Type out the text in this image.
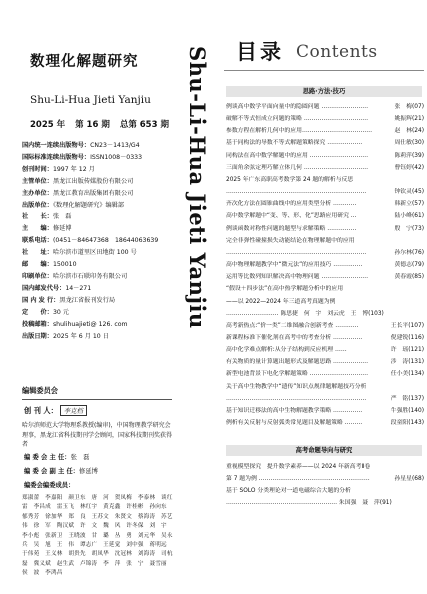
数理化解题研究
Shu-Li-Hua Jieti Yanjiu
2025 年 第 16 期 总第 653 期
国内统一连续出版物号：CN23－1413/G4
国际标准连续出版物号：ISSN1008－0333
创刊时间：1997 年 12 月
主管单位：黑龙江出版传媒股份有限公司
主办单位：黑龙江教育出版集团有限公司
出版单位：《数理化解题研究》编辑部
社　　长：张　磊
主　　编：修延博
联系电话：(0451－84647368　18644063639
社　　址：哈尔滨市道里区田地街 100 号
邮　　编：150010
印刷单位：哈尔滨市石联印务有限公司
国内邮发代号：14－271
国 内 发 行：黑龙江省报刊发行局
定　　价：30 元
投稿邮箱：shulihuajieti@ 126. com
出版日期：2025 年 6 月 10 日
编辑委员会
创 刊 人： 李克档
哈尔滨师范大学物理系教授(编审)，中国物理教学研究会理事，黑龙江省科技期刊学会顾问，国家科技期刊奖获得者
编 委 会 主 任：张　磊
编 委 会 副 主 任：修延博
编委会编委成员：
郑淑蕾　李嘉阳　颜卫东　唐　河　贺凤梅　李泰林　谈红雷　李昌成　雷玉飞　林红宇　黄克鑫　许桂彬　孙向东　郁秀芳　徐加华　郑　良　王苏文　朱贤文　蔡海涛　苏艺伟　徐　军　陶汉斌　许　文　魏　风　许冬保　刘　宇　李小彪　张新卫　王晓波　甘　璐　丛　勇　刘元华　吴永兵　吴　旭　王　伟　谭志广　王延觉　刘中强　蒋明远　于伟苑　王义林　胡贵先　胡凤华　沈冠林　刘海涛　司杭磊　冀义斌　赵生武　卢锦涛　李　萍　张　宁　聂雪丽　侯　波　李鸿昌
Shu-Li-Hua Jieti Yanjiu 目录 Contents
思路·方法·技巧
例谈高中数学平面向量中的隐圆问题 ……………………	张　梅(07)
破解不等式恒成立问题的策略 ……………………………	姚振辉(21)
参数方程在解析几何中的应用………………………………	赵　林(24)
基于同构法的导数不等式解题策略探究 ………………	周仕敏(30)
同构法在高中数学解题中的应用 …………………………	陈莉萍(39)
三面角余弦定理巧解立体几何 ……………………………	曹钰婷(42)
2025 年广东高职高考数学第 24 题的解析与反思
………………………………………………………………	钟钦灵(45)
齐次化方法在圆锥曲线中的应用类型分析 …………	韩新立(57)
高中数学解题中“变、等、形、化”思路应用研究 …	陆小峰(61)
例谈函数对称性问题的题型与求解策略 ……………	殷　宁(73)
完全非弹性碰撞损失动能结论在物理解题中的应用
………………………………………………………………	孙尔林(76)
高中物理解题教学中“微元法”的应用技巧 ……………	黄德志(79)
运用等比数列知识解决高中物理问题 ……………………	黄春霞(85)
“假设＋四步法”在高中热学解题分析中的应用
——以 2022—2024 年三道高考真题为例
……………………… 陈思捷　何　宇　刘云虎　王　博(103)
高考新热点:“价一类”二维图融合创新考查 …………	王长平(107)
新课程标准下催化剂在高考中的考查分析 ……………	倪建锐(116)
高中化学难点解析:从分子结构到反应机理 ……	许　瑶(121)
有关物质的量计算题出题形式及解题思路 ………………	涉　涛(131)
新型电池背景下电化学解题策略 …………………………	任小美(134)
关于高中生物教学中“遗传”知识点规律题解题技巧分析
………………………………………………………………	严　铭(137)
基于知识迁移法的高中生物解题教学策略 ……………	牛强胜(140)
例析有关反射与反射弧类常见题目及解题策略 ………	段童阳(143)
高考命题导向与研究
重视模型探究　提升数学素养——以 2024 年新高考Ⅱ卷
第 7 题为例 …………………………………………………	孙星星(68)
基于 SOLO 分类理论对一道电磁综合大题的分析
………………………………………………… 朱国强　聂　萍(91)
